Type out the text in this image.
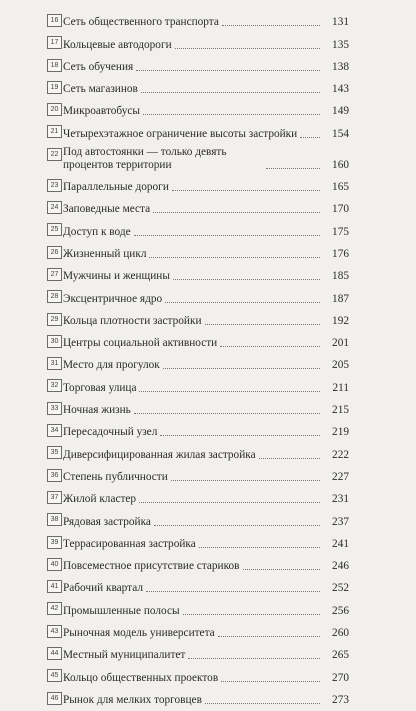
16 Сеть общественного транспорта	131
17 Кольцевые автодороги	135
18 Сеть обучения	138
19 Сеть магазинов	143
20 Микроавтобусы	149
21 Четырехэтажное ограничение высоты застройки	154
22 Под автостоянки — только девять процентов территории	160
23 Параллельные дороги	165
24 Заповедные места	170
25 Доступ к воде	175
26 Жизненный цикл	176
27 Мужчины и женщины	185
28 Эксцентричное ядро	187
29 Кольца плотности застройки	192
30 Центры социальной активности	201
31 Место для прогулок	205
32 Торговая улица	211
33 Ночная жизнь	215
34 Пересадочный узел	219
35 Диверсифицированная жилая застройка	222
36 Степень публичности	227
37 Жилой кластер	231
38 Рядовая застройка	237
39 Террасированная застройка	241
40 Повсеместное присутствие стариков	246
41 Рабочий квартал	252
42 Промышленные полосы	256
43 Рыночная модель университета	260
44 Местный муниципалитет	265
45 Кольцо общественных проектов	270
46 Рынок для мелких торговцев	273
